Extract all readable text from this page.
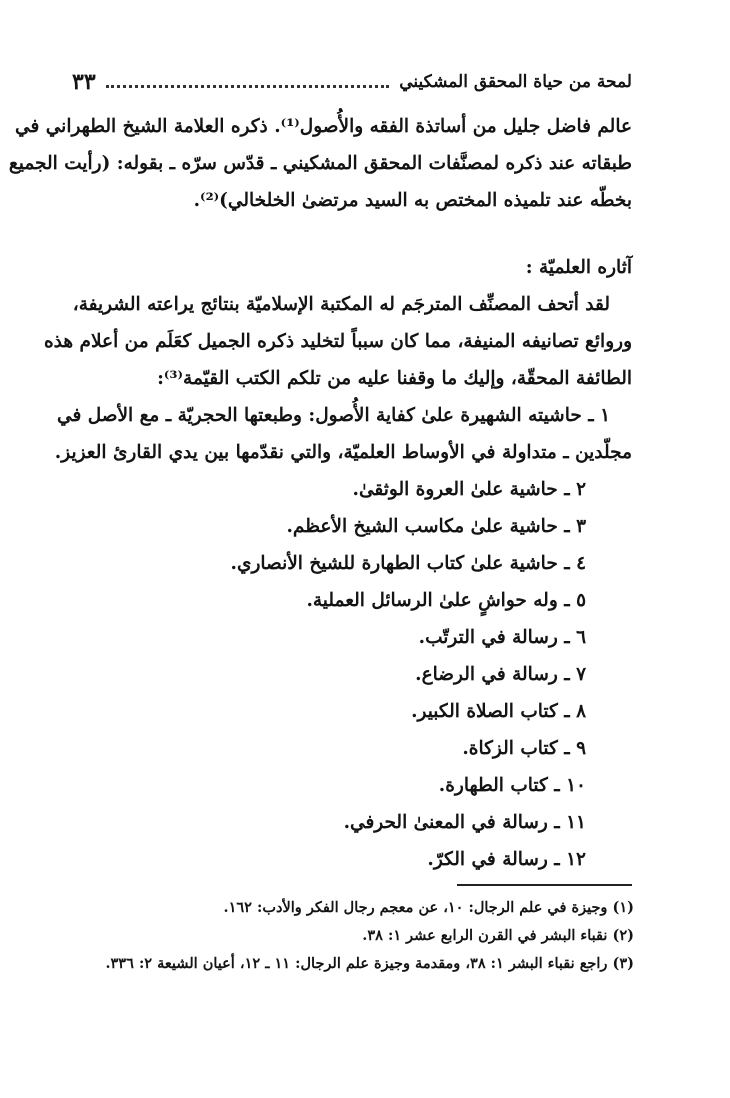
لمحة من حياة المحقق المشكيني
٣٣
عالم فاضل جليل من أساتذة الفقه والأُصول⁽¹⁾. ذكره العلامة الشيخ الطهراني في
طبقاته عند ذكره لمصنَّفات المحقق المشكيني ـ قدّس سرّه ـ بقوله: (رأيت الجميع
بخطّه عند تلميذه المختص به السيد مرتضىٰ الخلخالي)⁽²⁾.
آثاره العلميّة :
لقد أتحف المصنِّف المترجَم له المكتبة الإسلاميّة بنتائج يراعته الشريفة،
وروائع تصانيفه المنيفة، مما كان سبباً لتخليد ذكره الجميل كعَلَم من أعلام هذه
الطائفة المحقّة، وإليك ما وقفنا عليه من تلكم الكتب القيّمة⁽³⁾:
١ ـ حاشيته الشهيرة علىٰ كفاية الأُصول: وطبعتها الحجريّة ـ مع الأصل في
مجلّدين ـ متداولة في الأوساط العلميّة، والتي نقدّمها بين يدي القارئ العزيز.
٢ ـ حاشية علىٰ العروة الوثقىٰ.
٣ ـ حاشية علىٰ مكاسب الشيخ الأعظم.
٤ ـ حاشية علىٰ كتاب الطهارة للشيخ الأنصاري.
٥ ـ وله حواشٍ علىٰ الرسائل العملية.
٦ ـ رسالة في الترتّب.
٧ ـ رسالة في الرضاع.
٨ ـ كتاب الصلاة الكبير.
٩ ـ كتاب الزكاة.
١٠ ـ كتاب الطهارة.
١١ ـ رسالة في المعنىٰ الحرفي.
١٢ ـ رسالة في الكرّ.
(١) وجيزة في علم الرجال: ١٠، عن معجم رجال الفكر والأدب: ١٦٢.
(٢) نقباء البشر في القرن الرابع عشر ١: ٣٨.
(٣) راجع نقباء البشر ١: ٣٨، ومقدمة وجيزة علم الرجال: ١١ ـ ١٢، أعيان الشيعة ٢: ٣٣٦.
